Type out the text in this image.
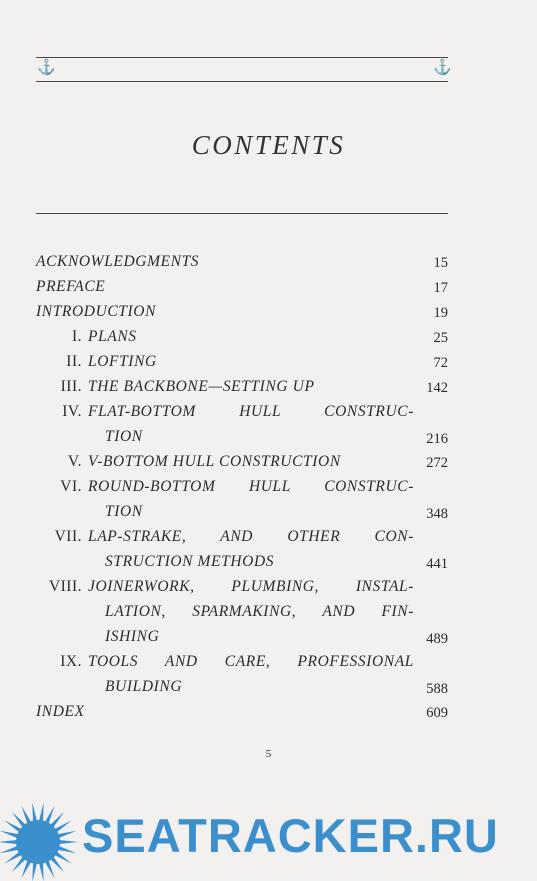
⚓	⚓
CONTENTS
ACKNOWLEDGMENTS	15
PREFACE	17
INTRODUCTION	19
I. PLANS	25
II. LOFTING	72
III. THE BACKBONE—SETTING UP	142
IV. FLAT-BOTTOM HULL CONSTRUC-
TION	216
V. V-BOTTOM HULL CONSTRUCTION	272
VI. ROUND-BOTTOM HULL CONSTRUC-
TION	348
VII. LAP-STRAKE, AND OTHER CON-
STRUCTION METHODS	441
VIII. JOINERWORK, PLUMBING, INSTAL-
LATION, SPARMAKING, AND FIN-
ISHING	489
IX. TOOLS AND CARE, PROFESSIONAL
BUILDING	588
INDEX	609
5
SEATRACKER.RU
